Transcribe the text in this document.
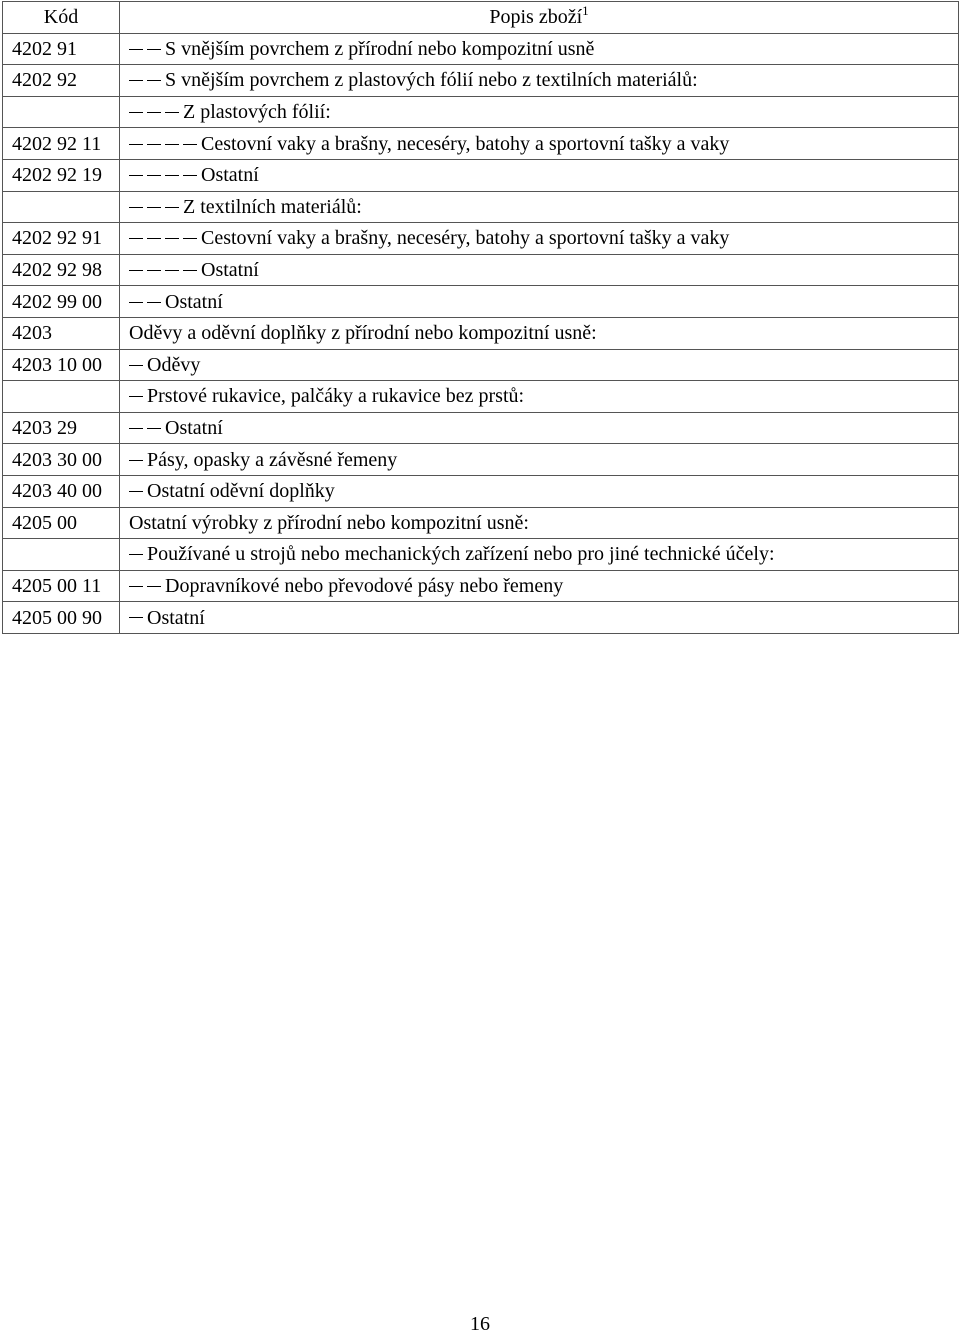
Kód	Popis zboží$^1$
4202 91	S vnějším povrchem z přírodní nebo kompozitní usně
4202 92	S vnějším povrchem z plastových fólií nebo z textilních materiálů:
	Z plastových fólií:
4202 92 11	Cestovní vaky a brašny, neceséry, batohy a sportovní tašky a vaky
4202 92 19	Ostatní
	Z textilních materiálů:
4202 92 91	Cestovní vaky a brašny, neceséry, batohy a sportovní tašky a vaky
4202 92 98	Ostatní
4202 99 00	Ostatní
4203	Oděvy a oděvní doplňky z přírodní nebo kompozitní usně:
4203 10 00	Oděvy
	Prstové rukavice, palčáky a rukavice bez prstů:
4203 29	Ostatní
4203 30 00	Pásy, opasky a závěsné řemeny
4203 40 00	Ostatní oděvní doplňky
4205 00	Ostatní výrobky z přírodní nebo kompozitní usně:
	Používané u strojů nebo mechanických zařízení nebo pro jiné technické účely:
4205 00 11	Dopravníkové nebo převodové pásy nebo řemeny
4205 00 90	Ostatní
16
